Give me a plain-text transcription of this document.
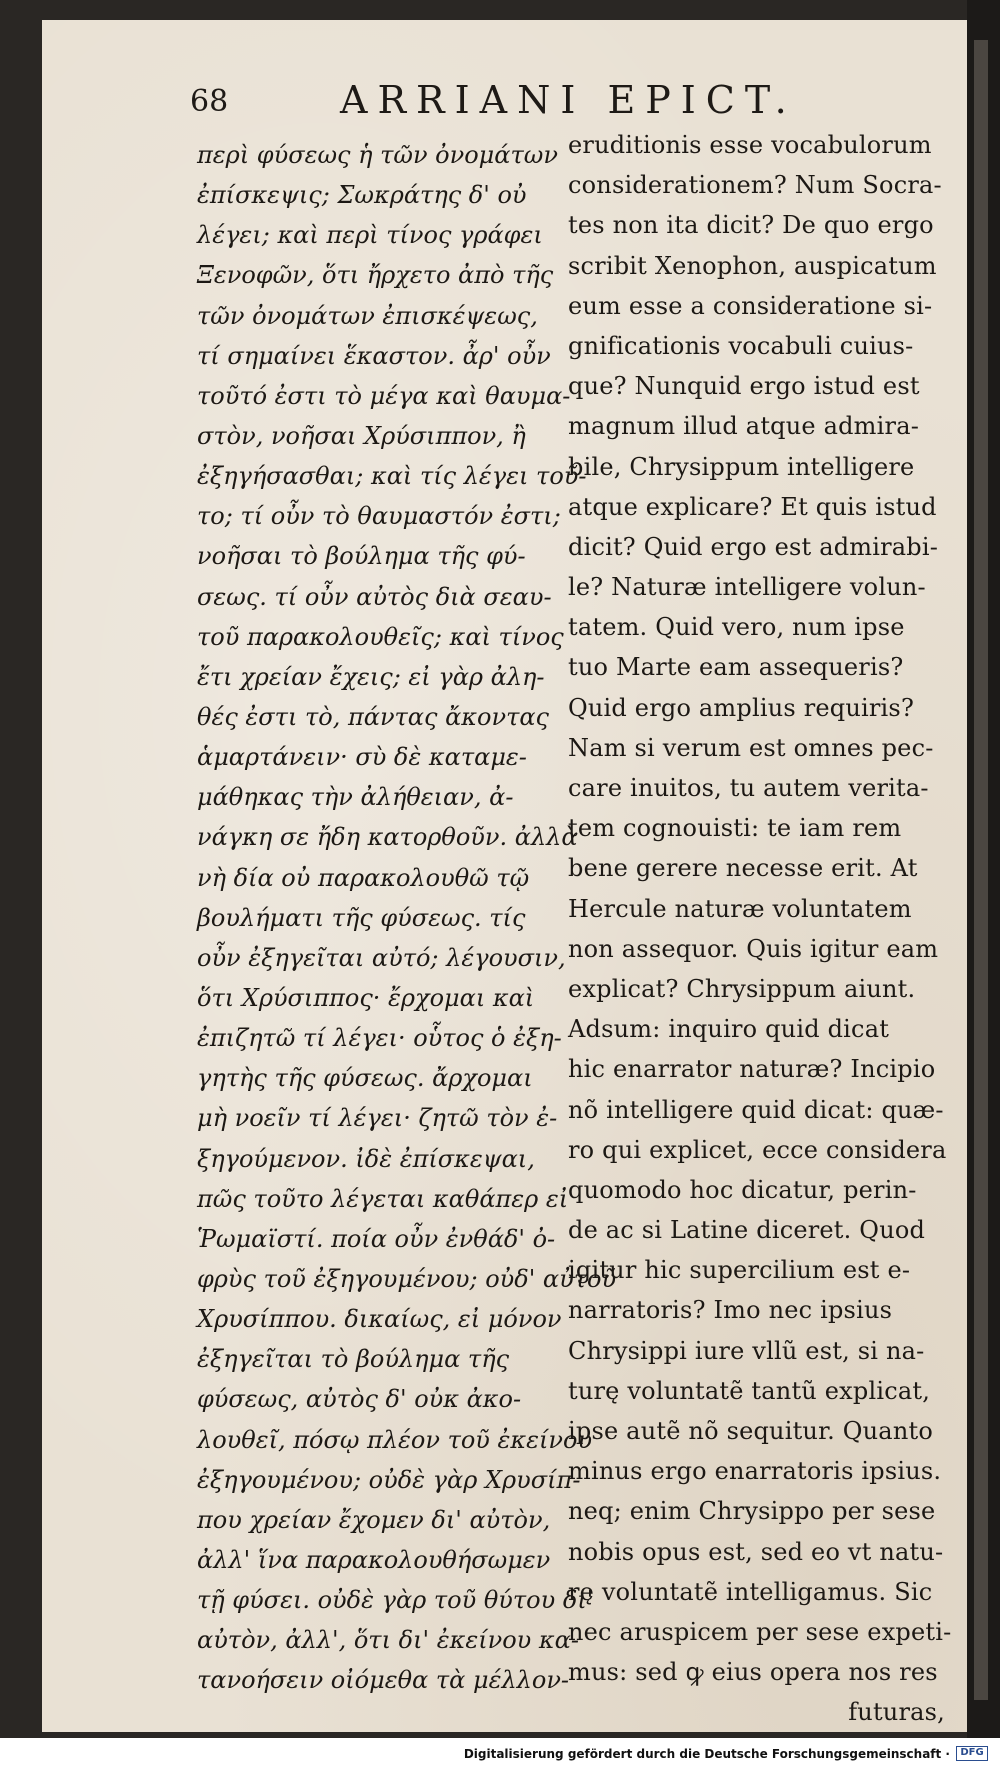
68	ARRIANI EPICT.
περὶ φύσεως ἡ τῶν ὀνομάτων
ἐπίσκεψις; Σωκράτης δ' οὐ
λέγει; καὶ περὶ τίνος γράφει
Ξενοφῶν, ὅτι ἤρχετο ἀπὸ τῆς
τῶν ὀνομάτων ἐπισκέψεως,
τί σημαίνει ἕκαστον. ἆρ' οὖν
τοῦτό ἐστι τὸ μέγα καὶ θαυμα-
στὸν, νοῆσαι Χρύσιππον, ἢ
ἐξηγήσασθαι; καὶ τίς λέγει τοῦ-
το; τί οὖν τὸ θαυμαστόν ἐστι;
νοῆσαι τὸ βούλημα τῆς φύ-
σεως. τί οὖν αὐτὸς διὰ σεαυ-
τοῦ παρακολουθεῖς; καὶ τίνος
ἔτι χρείαν ἔχεις; εἰ γὰρ ἀλη-
θές ἐστι τὸ, πάντας ἄκοντας
ἁμαρτάνειν· σὺ δὲ καταμε-
μάθηκας τὴν ἀλήθειαν, ἀ-
νάγκη σε ἤδη κατορθοῦν. ἀλλὰ
νὴ δία οὐ παρακολουθῶ τῷ
βουλήματι τῆς φύσεως. τίς
οὖν ἐξηγεῖται αὐτό; λέγουσιν,
ὅτι Χρύσιππος· ἔρχομαι καὶ
ἐπιζητῶ τί λέγει· οὗτος ὁ ἐξη-
γητὴς τῆς φύσεως. ἄρχομαι
μὴ νοεῖν τί λέγει· ζητῶ τὸν ἐ-
ξηγούμενον. ἰδὲ ἐπίσκεψαι,
πῶς τοῦτο λέγεται καθάπερ εἰ
Ῥωμαϊστί. ποία οὖν ἐνθάδ' ὀ-
φρὺς τοῦ ἐξηγουμένου; οὐδ' αὐτοῦ
Χρυσίππου. δικαίως, εἰ μόνον
ἐξηγεῖται τὸ βούλημα τῆς
φύσεως, αὐτὸς δ' οὐκ ἀκο-
λουθεῖ, πόσῳ πλέον τοῦ ἐκείνου
ἐξηγουμένου; οὐδὲ γὰρ Χρυσίπ-
που χρείαν ἔχομεν δι' αὐτὸν,
ἀλλ' ἵνα παρακολουθήσωμεν
τῇ φύσει. οὐδὲ γὰρ τοῦ θύτου δι'
αὐτὸν, ἀλλ', ὅτι δι' ἐκείνου κα-
τανοήσειν οἰόμεθα τὰ μέλλον-
eruditionis esse vocabulorum
considerationem? Num Socra-
tes non ita dicit? De quo ergo
scribit Xenophon, auspicatum
eum esse a consideratione si-
gnificationis vocabuli cuius-
que? Nunquid ergo istud est
magnum illud atque admira-
bile, Chrysippum intelligere
atque explicare? Et quis istud
dicit? Quid ergo est admirabi-
le? Naturæ intelligere volun-
tatem. Quid vero, num ipse
tuo Marte eam assequeris?
Quid ergo amplius requiris?
Nam si verum est omnes pec-
care inuitos, tu autem verita-
tem cognouisti: te iam rem
bene gerere necesse erit. At
Hercule naturæ voluntatem
non assequor. Quis igitur eam
explicat? Chrysippum aiunt.
Adsum: inquiro quid dicat
hic enarrator naturæ? Incipio
nõ intelligere quid dicat: quæ-
ro qui explicet, ecce considera
quomodo hoc dicatur, perin-
de ac si Latine diceret. Quod
igitur hic supercilium est e-
narratoris? Imo nec ipsius
Chrysippi iure vllũ est, si na-
turę voluntatẽ tantũ explicat,
ipse autẽ nõ sequitur. Quanto
minus ergo enarratoris ipsius.
neq; enim Chrysippo per sese
nobis opus est, sed eo vt natu-
rę voluntatẽ intelligamus. Sic
nec aruspicem per sese expeti-
mus: sed ꝙ eius opera nos res
futuras,
Digitalisierung gefördert durch die Deutsche Forschungsgemeinschaft ·	DFG
